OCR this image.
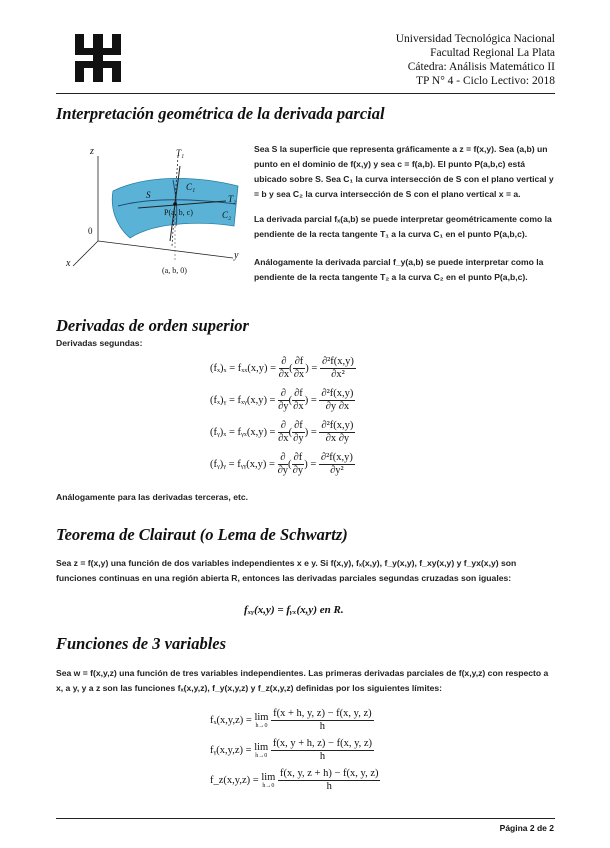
Universidad Tecnológica Nacional
Facultad Regional La Plata
Cátedra: Análisis Matemático II
TP N° 4 - Ciclo Lectivo: 2018
Interpretación geométrica de la derivada parcial
z
x
y
0
T₁
T₂
C₁
C₂
S
P(a, b, c)
(a, b, 0)
Sea S la superficie que representa gráficamente a z = f(x,y). Sea (a,b) un punto en el dominio de f(x,y) y sea c = f(a,b). El punto P(a,b,c) está ubicado sobre S. Sea C₁ la curva intersección de S con el plano vertical y = b y sea C₂ la curva intersección de S con el plano vertical x = a.
La derivada parcial fₓ(a,b) se puede interpretar geométricamente como la pendiente de la recta tangente T₁ a la curva C₁ en el punto P(a,b,c).
Análogamente la derivada parcial f_y(a,b) se puede interpretar como la pendiente de la recta tangente T₂ a la curva C₂ en el punto P(a,b,c).
Derivadas de orden superior
Derivadas segundas:
$(f_x)_x = f_{xx}(x,y) = \frac{\partial}{\partial x}$ ( $\frac{\partial f}{\partial x}$ ) = $\frac{\text{∂²f(x,y)}}{\text{∂x²}}$
(fₓ)ᵧ = fₓᵧ(x,y) = $\frac{\partial}{\partial y}$ ( $\frac{\partial f}{\partial x}$ ) = $\frac{\text{∂²f(x,y)}}{\partial y \partial x}$
(fᵧ)ₓ = fᵧₓ(x,y) = $\frac{\partial}{\partial x}$ ( $\frac{\partial f}{\partial y}$ ) = $\frac{\text{∂²f(x,y)}}{\partial x \partial y}$
(fᵧ)ᵧ = fᵧᵧ(x,y) = $\frac{\partial}{\partial y}$ ( $\frac{\partial f}{\partial y}$ ) = $\frac{\text{∂²f(x,y)}}{\text{∂y²}}$
Análogamente para las derivadas terceras, etc.
Teorema de Clairaut (o Lema de Schwartz)
Sea z = f(x,y) una función de dos variables independientes x e y. Si f(x,y), fₓ(x,y), f_y(x,y), f_xy(x,y) y f_yx(x,y) son funciones continuas en una región abierta R, entonces las derivadas parciales segundas cruzadas son iguales:
fₓᵧ(x,y) = fᵧₓ(x,y) en R.
Funciones de 3 variables
Sea w = f(x,y,z) una función de tres variables independientes. Las primeras derivadas parciales de f(x,y,z) con respecto a x, a y, y a z son las funciones fₓ(x,y,z), f_y(x,y,z) y f_z(x,y,z) definidas por los siguientes límites:
fₓ(x,y,z) = lim
h→0
$\frac{f(x + h, y, z) - f(x, y, z)}{h}$
fᵧ(x,y,z) = lim
h→0
$\frac{f(x, y + h, z) - f(x, y, z)}{h}$
f_z(x,y,z) = lim
h→0
$\frac{f(x, y, z + h) - f(x, y, z)}{h}$
Página 2 de 2
